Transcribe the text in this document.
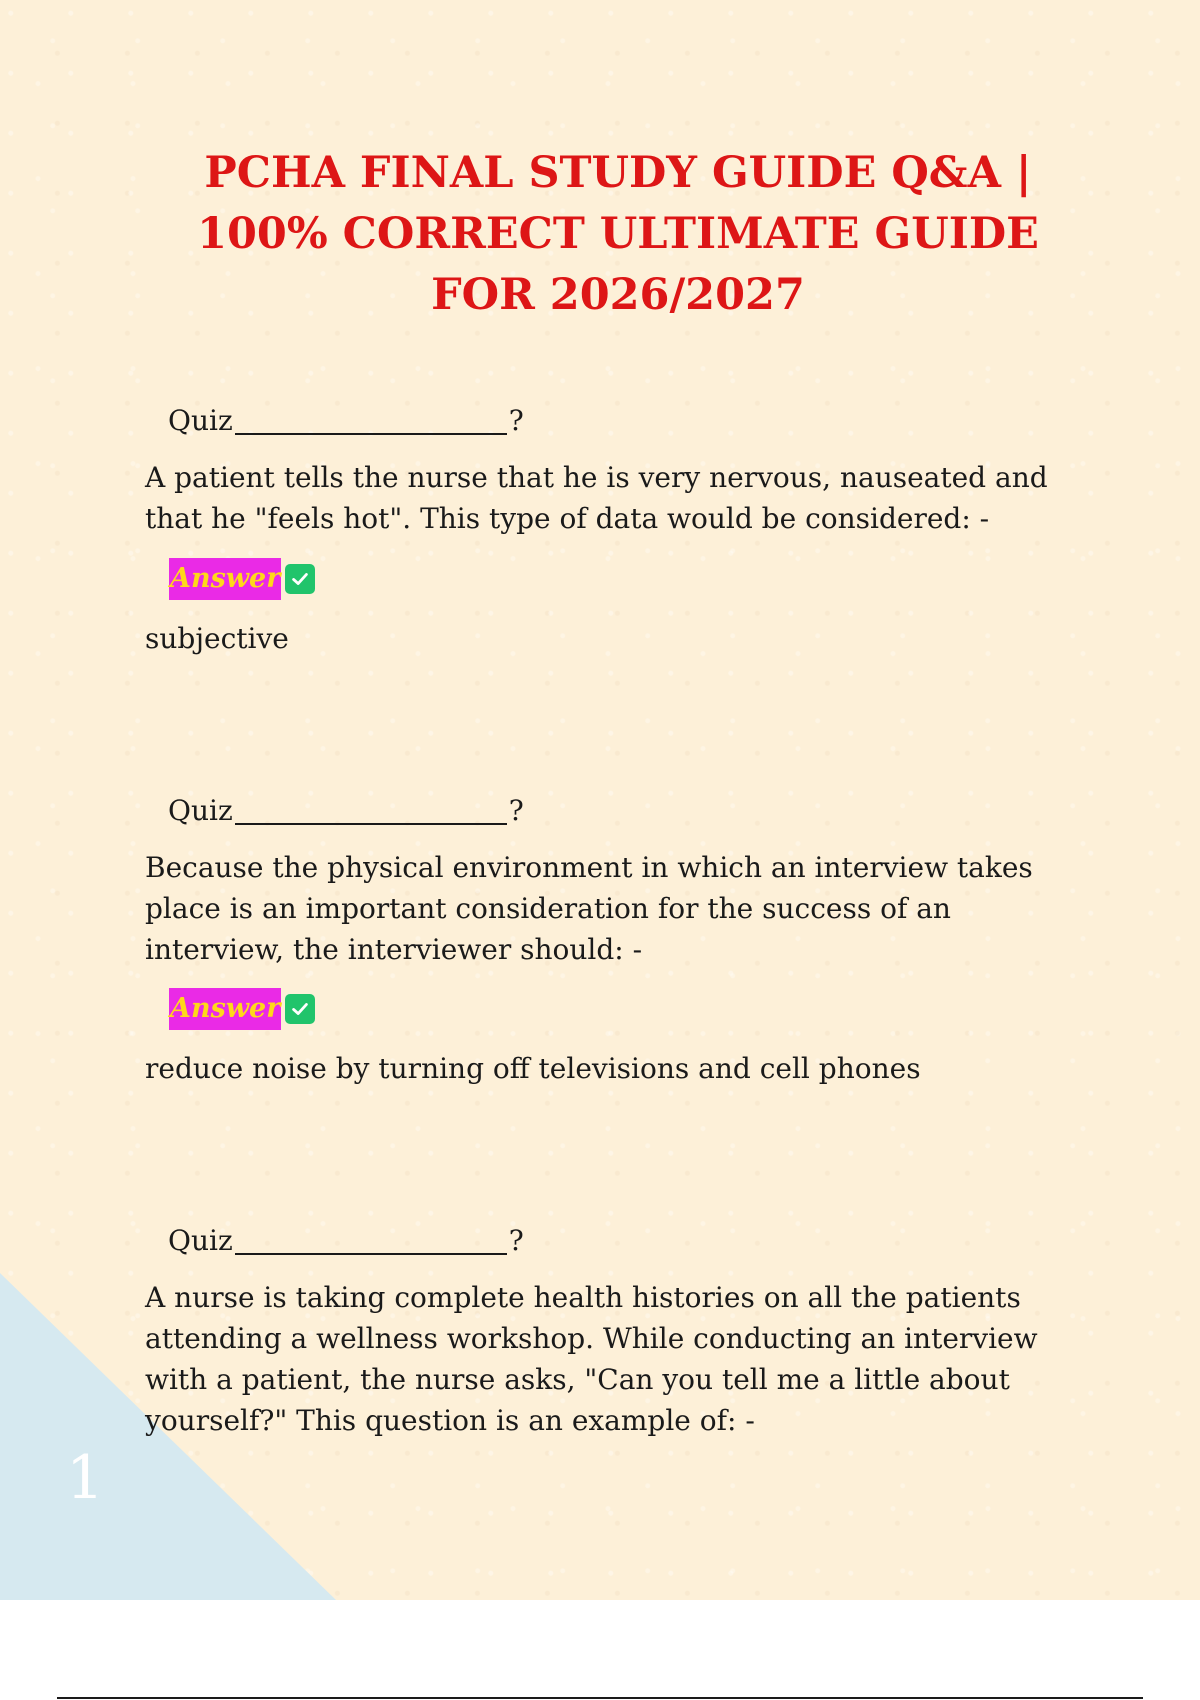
1
PCHA FINAL STUDY GUIDE Q&A | 100% CORRECT ULTIMATE GUIDE FOR 2026/2027
Quiz	?

A patient tells the nurse that he is very nervous, nauseated and that he "feels hot". This type of data would be considered: -

Answer

subjective

Quiz	?

Because the physical environment in which an interview takes place is an important consideration for the success of an interview, the interviewer should: -

Answer

reduce noise by turning off televisions and cell phones

Quiz	?

A nurse is taking complete health histories on all the patients attending a wellness workshop. While conducting an interview with a patient, the nurse asks, "Can you tell me a little about yourself?" This question is an example of: -
